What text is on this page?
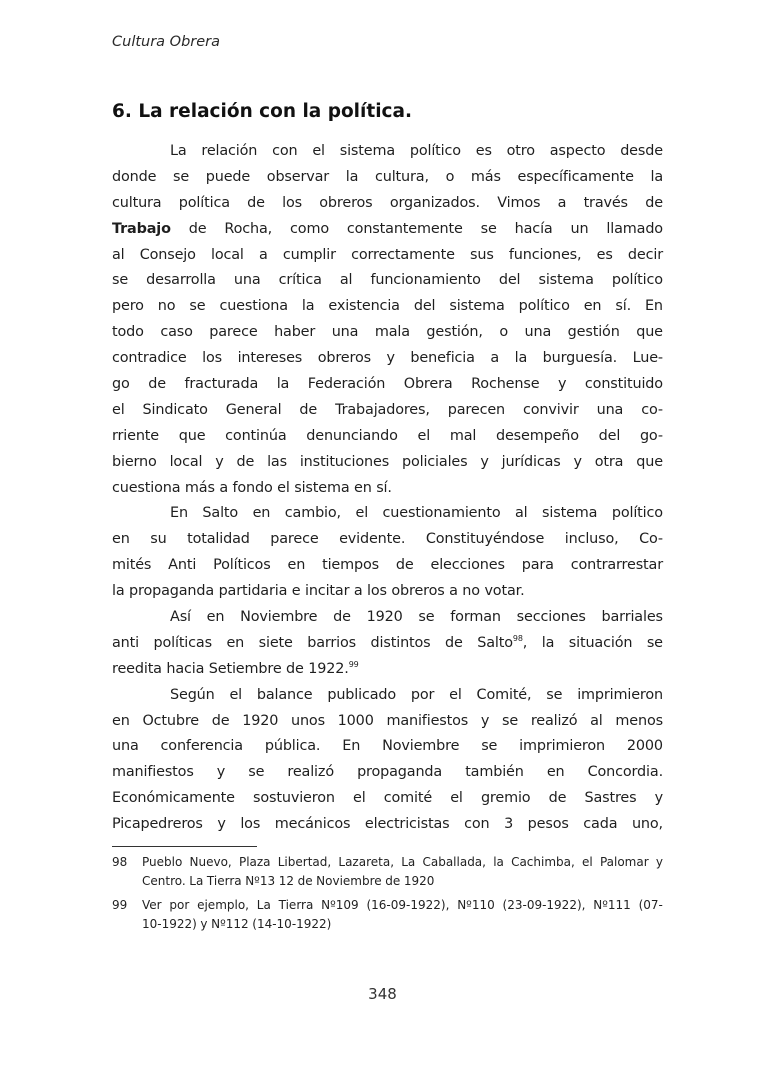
Cultura Obrera
6. La relación con la política.
La relación con el sistema político es otro aspecto desde
donde se puede observar la cultura, o más específicamente la
cultura política de los obreros organizados. Vimos a través de
Trabajo de Rocha, como constantemente se hacía un llamado
al Consejo local a cumplir correctamente sus funciones, es decir
se desarrolla una crítica al funcionamiento del sistema político
pero no se cuestiona la existencia del sistema político en sí. En
todo caso parece haber una mala gestión, o una gestión que
contradice los intereses obreros y beneficia a la burguesía. Lue-
go de fracturada la Federación Obrera Rochense y constituido
el Sindicato General de Trabajadores, parecen convivir una co-
rriente que continúa denunciando el mal desempeño del go-
bierno local y de las instituciones policiales y jurídicas y otra que
cuestiona más a fondo el sistema en sí.
En Salto en cambio, el cuestionamiento al sistema político
en su totalidad parece evidente. Constituyéndose incluso, Co-
mités Anti Políticos en tiempos de elecciones para contrarrestar
la propaganda partidaria e incitar a los obreros a no votar.
Así en Noviembre de 1920 se forman secciones barriales
anti políticas en siete barrios distintos de Salto$^{98}$, la situación se
reedita hacia Setiembre de 1922.99
Según el balance publicado por el Comité, se imprimieron
en Octubre de 1920 unos 1000 manifiestos y se realizó al menos
una conferencia pública. En Noviembre se imprimieron 2000
manifiestos y se realizó propaganda también en Concordia.
Económicamente sostuvieron el comité el gremio de Sastres y
Picapedreros y los mecánicos electricistas con 3 pesos cada uno,
98	Pueblo Nuevo, Plaza Libertad, Lazareta, La Caballada, la Cachimba, el Palomar y
Centro. La Tierra Nº13 12 de Noviembre de 1920
99	Ver por ejemplo, La Tierra Nº109 (16-09-1922), Nº110 (23-09-1922), Nº111 (07-
10-1922) y Nº112 (14-10-1922)
348
